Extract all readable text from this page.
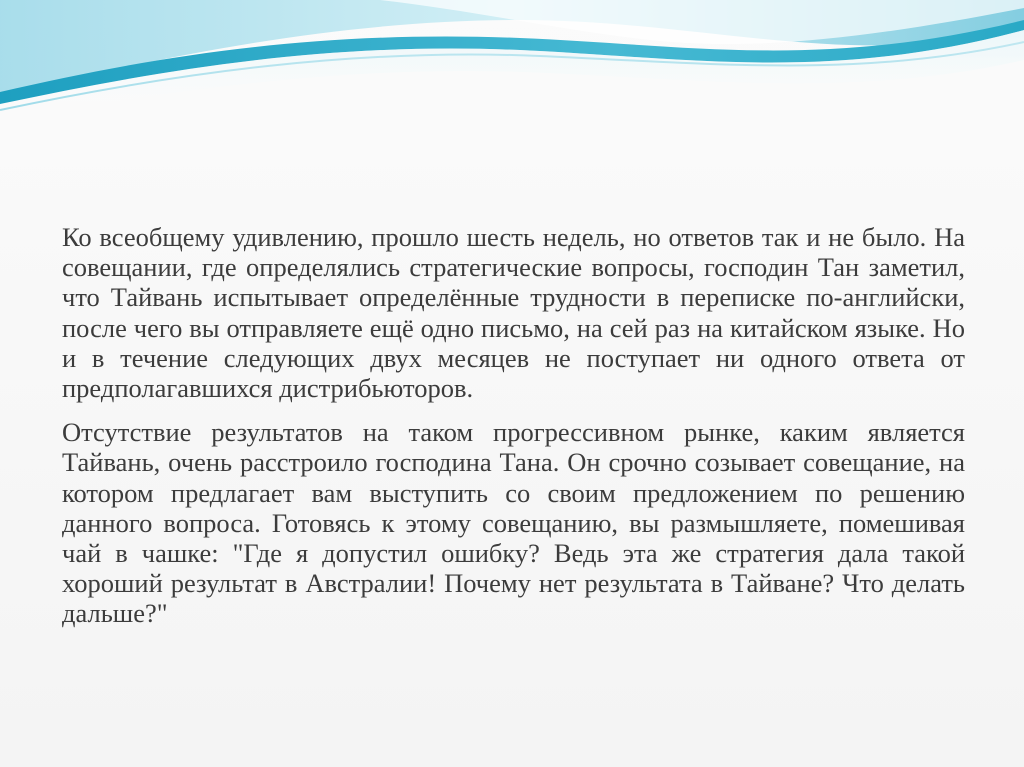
Ко всеобщему удивлению, прошло шесть недель, но ответов так и не было. На совещании, где определялись стратегические вопросы, господин Тан заметил, что Тайвань испытывает определённые трудности в переписке по-английски, после чего вы отправляете ещё одно письмо, на сей раз на китайском языке. Но и в течение следующих двух месяцев не поступает ни одного ответа от предполагавшихся дистрибьюторов.

Отсутствие результатов на таком прогрессивном рынке, каким является Тайвань, очень расстроило господина Тана. Он срочно созывает совещание, на котором предлагает вам выступить со своим предложением по решению данного вопроса. Готовясь к этому совещанию, вы размышляете, помешивая чай в чашке: "Где я допустил ошибку? Ведь эта же стратегия дала такой хороший результат в Австралии! Почему нет результата в Тайване? Что делать дальше?"
